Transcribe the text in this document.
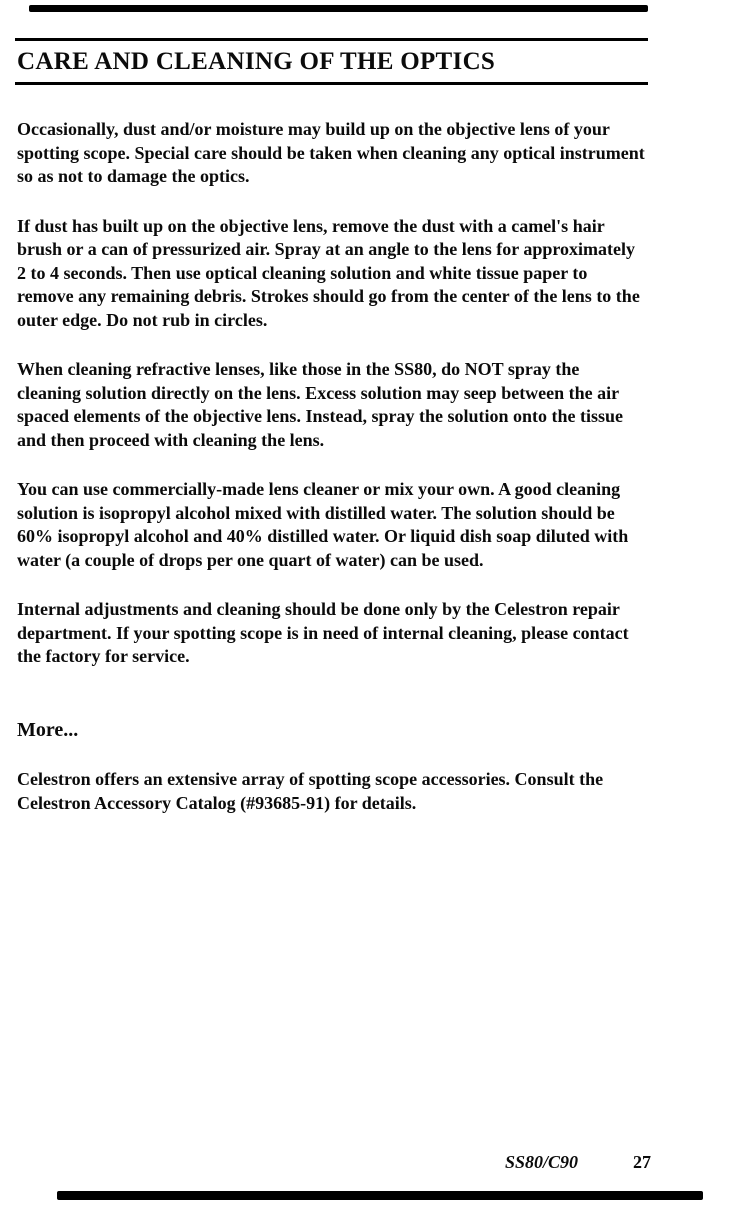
CARE AND CLEANING OF THE OPTICS

Occasionally, dust and/or moisture may build up on the objective lens of your spotting scope. Special care should be taken when cleaning any optical instrument so as not to damage the optics.

If dust has built up on the objective lens, remove the dust with a camel's hair brush or a can of pressurized air. Spray at an angle to the lens for approximately 2 to 4 seconds. Then use optical cleaning solution and white tissue paper to remove any remaining debris. Strokes should go from the center of the lens to the outer edge. Do not rub in circles.

When cleaning refractive lenses, like those in the SS80, do NOT spray the cleaning solution directly on the lens. Excess solution may seep between the air spaced elements of the objective lens. Instead, spray the solution onto the tissue and then proceed with cleaning the lens.

You can use commercially-made lens cleaner or mix your own. A good cleaning solution is isopropyl alcohol mixed with distilled water. The solution should be 60% isopropyl alcohol and 40% distilled water. Or liquid dish soap diluted with water (a couple of drops per one quart of water) can be used.

Internal adjustments and cleaning should be done only by the Celestron repair department. If your spotting scope is in need of internal cleaning, please contact the factory for service.

More...

Celestron offers an extensive array of spotting scope accessories. Consult the Celestron Accessory Catalog (#93685-91) for details.

SS80/C90	27
